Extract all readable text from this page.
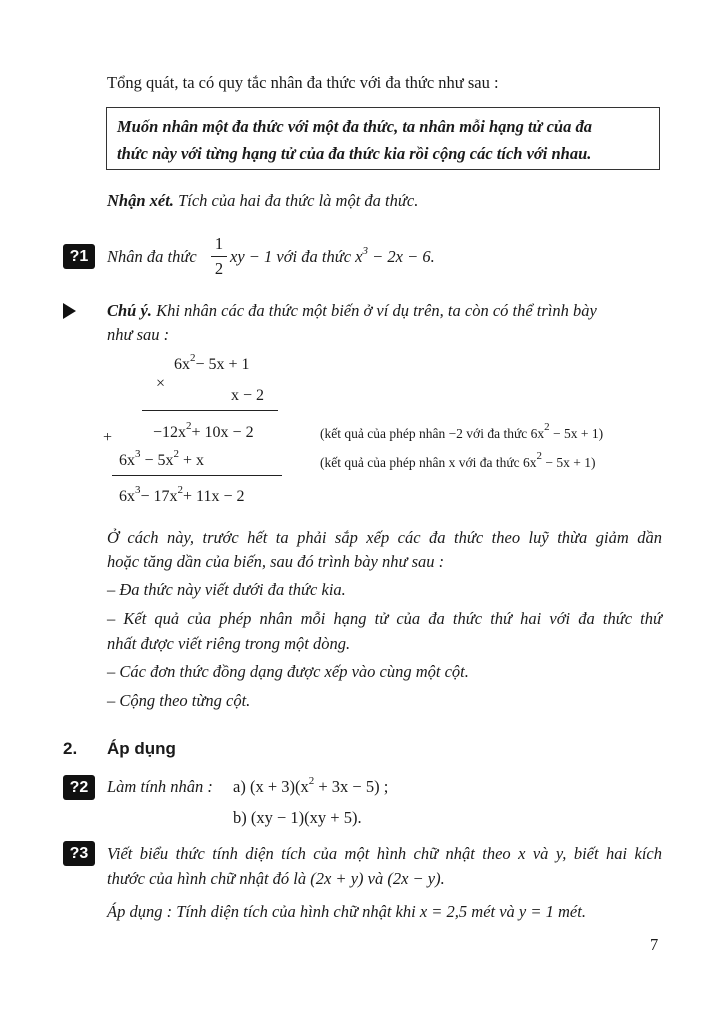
Tổng quát, ta có quy tắc nhân đa thức với đa thức như sau :
Muốn nhân một đa thức với một đa thức, ta nhân mỗi hạng tử của đa
thức này với từng hạng tử của đa thức kia rồi cộng các tích với nhau.
Nhận xét. Tích của hai đa thức là một đa thức.
?1	Nhân đa thức
1
2
xy − 1 với đa thức $x^3 - 2x - 6$.
Chú ý. Khi nhân các đa thức một biến ở ví dụ trên, ta còn có thể trình bày
như sau :
$6x^2- 5x + 1$
×
x − 2
$-12x^2+ 10x - 2$
+
$6x^3 - 5x^2 + x$
$6x^3- 17x^2+ 11x - 2$
(kết quả của phép nhân −2 với đa thức $6x^2 - 5x + 1$)
(kết quả của phép nhân x với đa thức $6x^2 - 5x + 1$)
Ở cách này, trước hết ta phải sắp xếp các đa thức theo luỹ thừa giảm dần
hoặc tăng dần của biến, sau đó trình bày như sau :
– Đa thức này viết dưới đa thức kia.
– Kết quả của phép nhân mỗi hạng tử của đa thức thứ hai với đa thức thứ
nhất được viết riêng trong một dòng.
– Các đơn thức đồng dạng được xếp vào cùng một cột.
– Cộng theo từng cột.
2. Áp dụng
?2	Làm tính nhân : a) $(x + 3)(x^2 + 3x - 5)$ ;
b) (xy − 1)(xy + 5).
?3	Viết biểu thức tính diện tích của một hình chữ nhật theo x và y, biết hai kích
thước của hình chữ nhật đó là (2x + y) và (2x − y).
Áp dụng : Tính diện tích của hình chữ nhật khi x = 2,5 mét và y = 1 mét.
7
